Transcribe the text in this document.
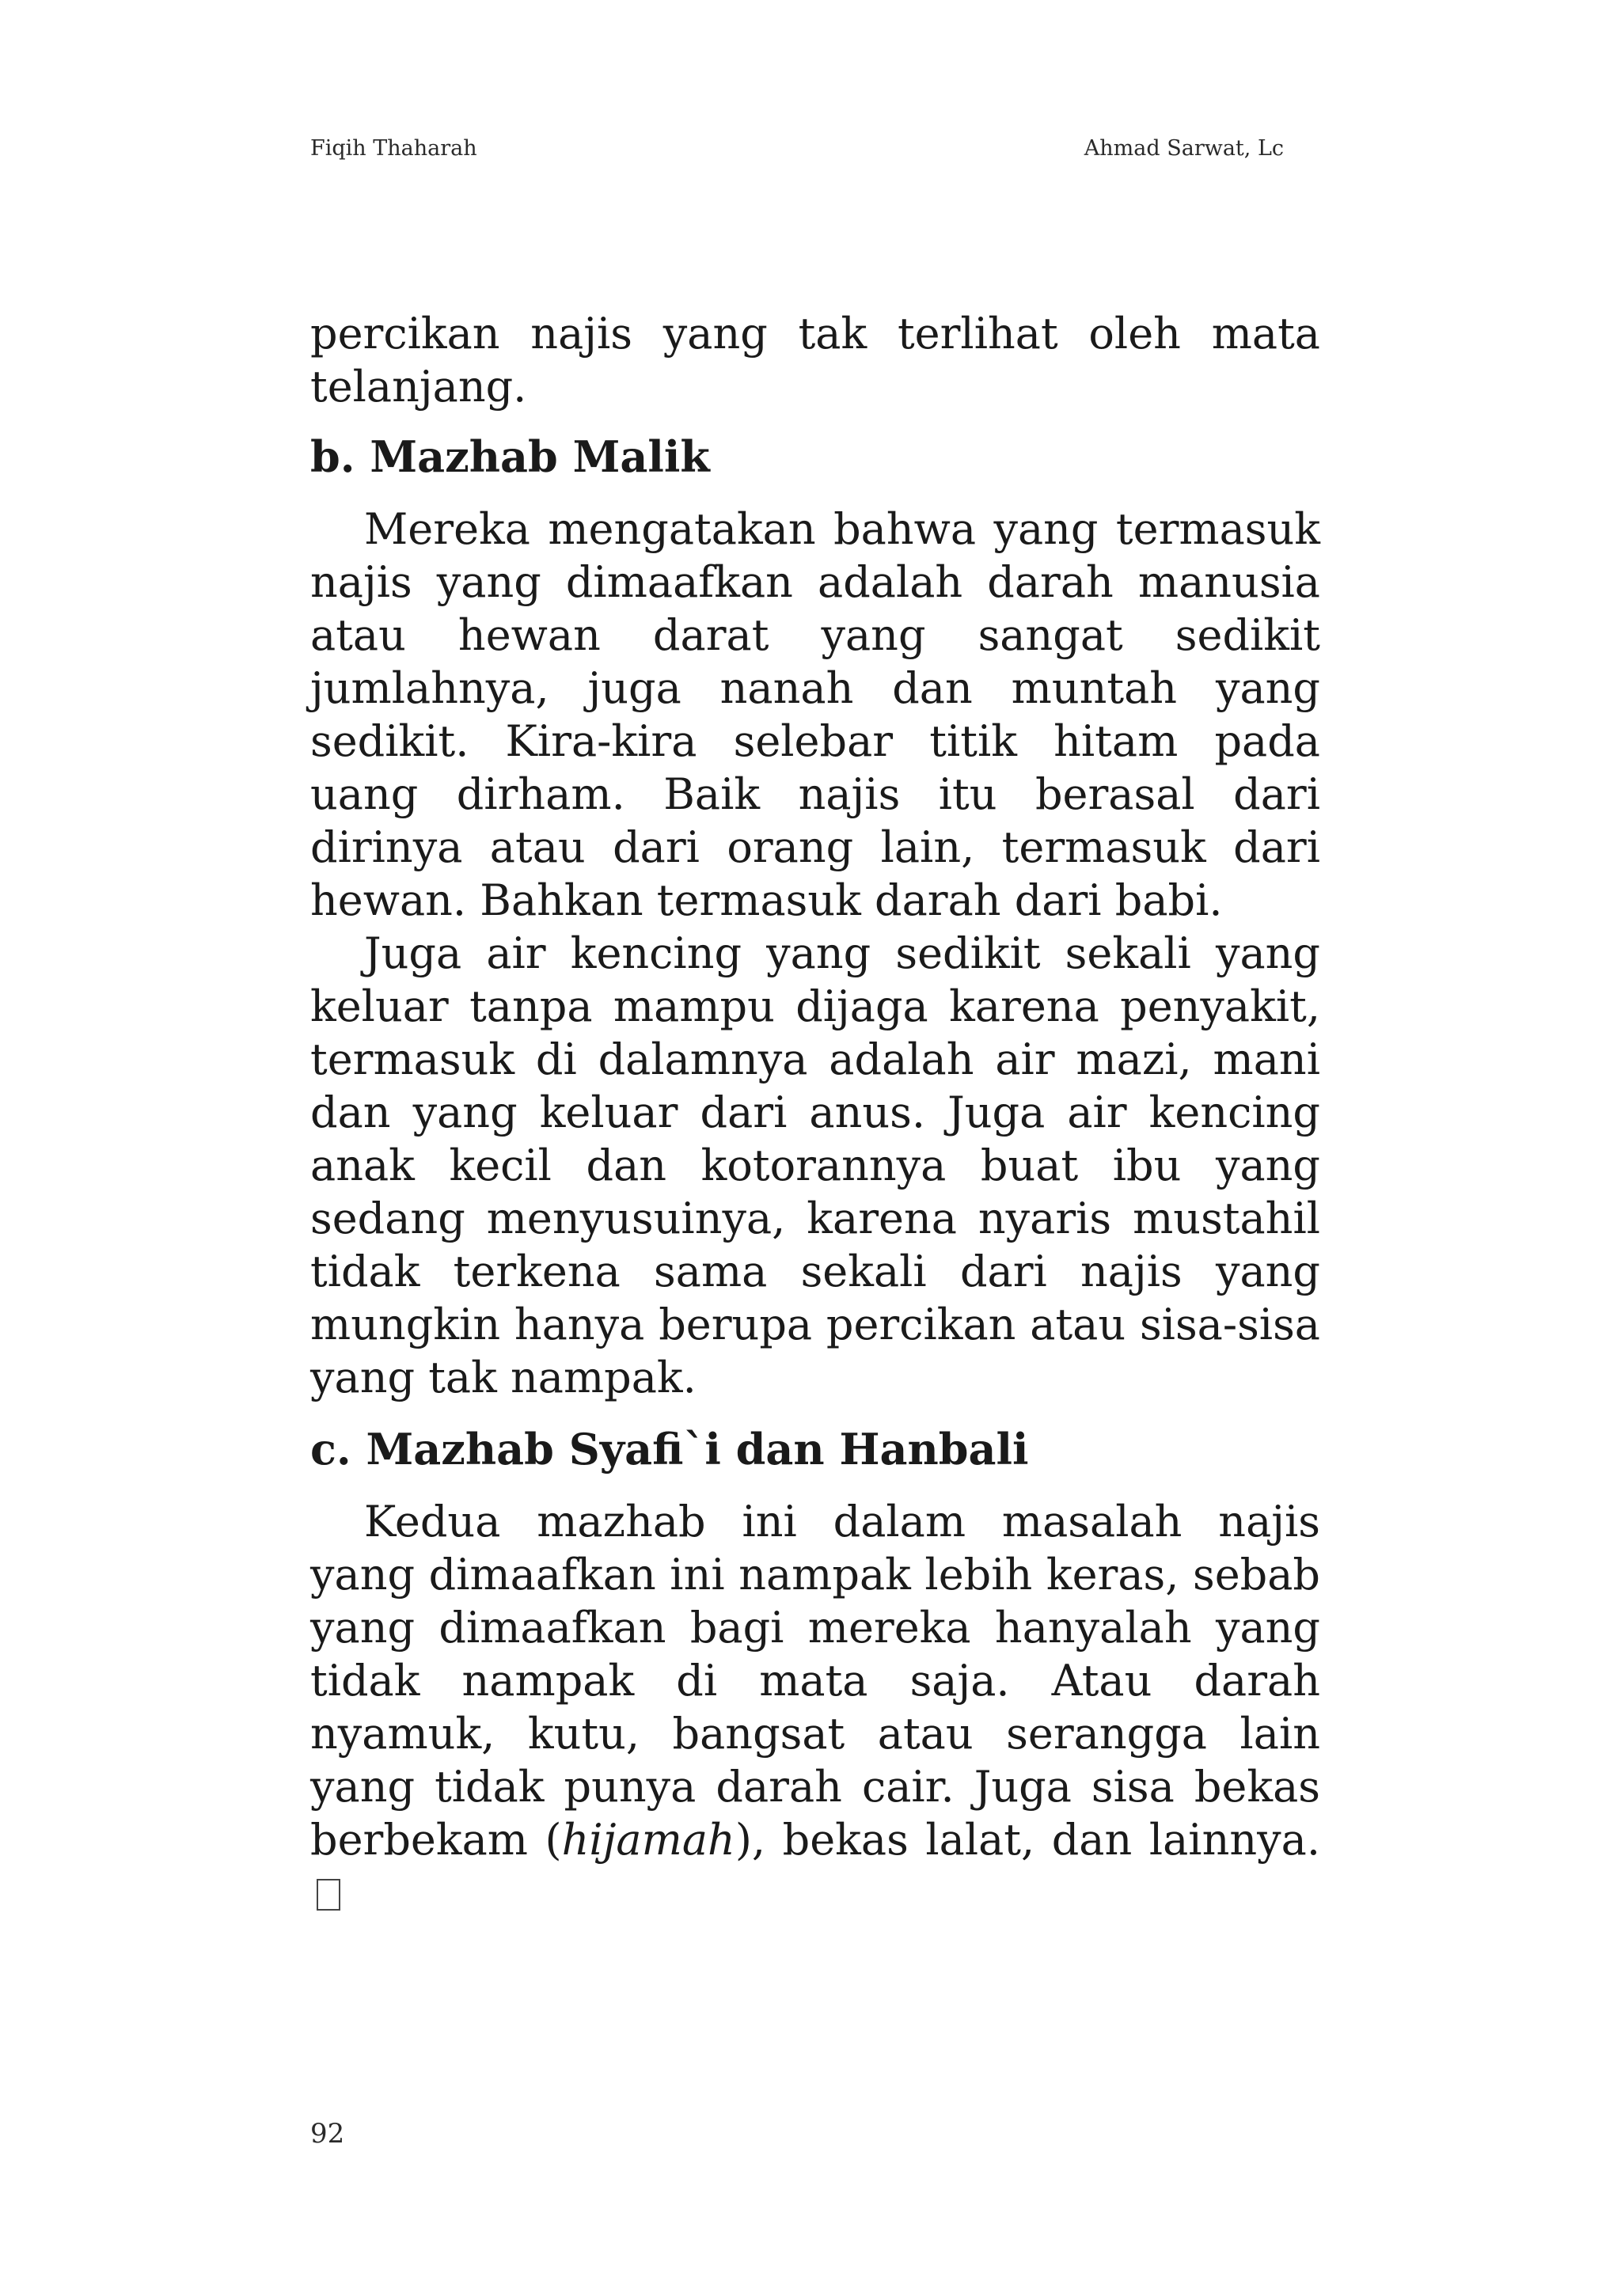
Fiqih Thaharah	Ahmad Sarwat, Lc

percikan najis yang tak terlihat oleh mata telanjang.

b. Mazhab Malik

Mereka mengatakan bahwa yang termasuk najis yang dimaafkan adalah darah manusia atau hewan darat yang sangat sedikit jumlahnya, juga nanah dan muntah yang sedikit. Kira-kira selebar titik hitam pada uang dirham. Baik najis itu berasal dari dirinya atau dari orang lain, termasuk dari hewan. Bahkan termasuk darah dari babi.

Juga air kencing yang sedikit sekali yang keluar tanpa mampu dijaga karena penyakit, termasuk di dalamnya adalah air mazi, mani dan yang keluar dari anus. Juga air kencing anak kecil dan kotorannya buat ibu yang sedang menyusuinya, karena nyaris mustahil tidak terkena sama sekali dari najis yang mungkin hanya berupa percikan atau sisa-sisa yang tak nampak.

c. Mazhab Syafi`i dan Hanbali

Kedua mazhab ini dalam masalah najis yang dimaafkan ini nampak lebih keras, sebab yang dimaafkan bagi mereka hanyalah yang tidak nampak di mata saja. Atau darah nyamuk, kutu, bangsat atau serangga lain yang tidak punya darah cair. Juga sisa bekas berbekam (hijamah), bekas lalat, dan lainnya.

92
